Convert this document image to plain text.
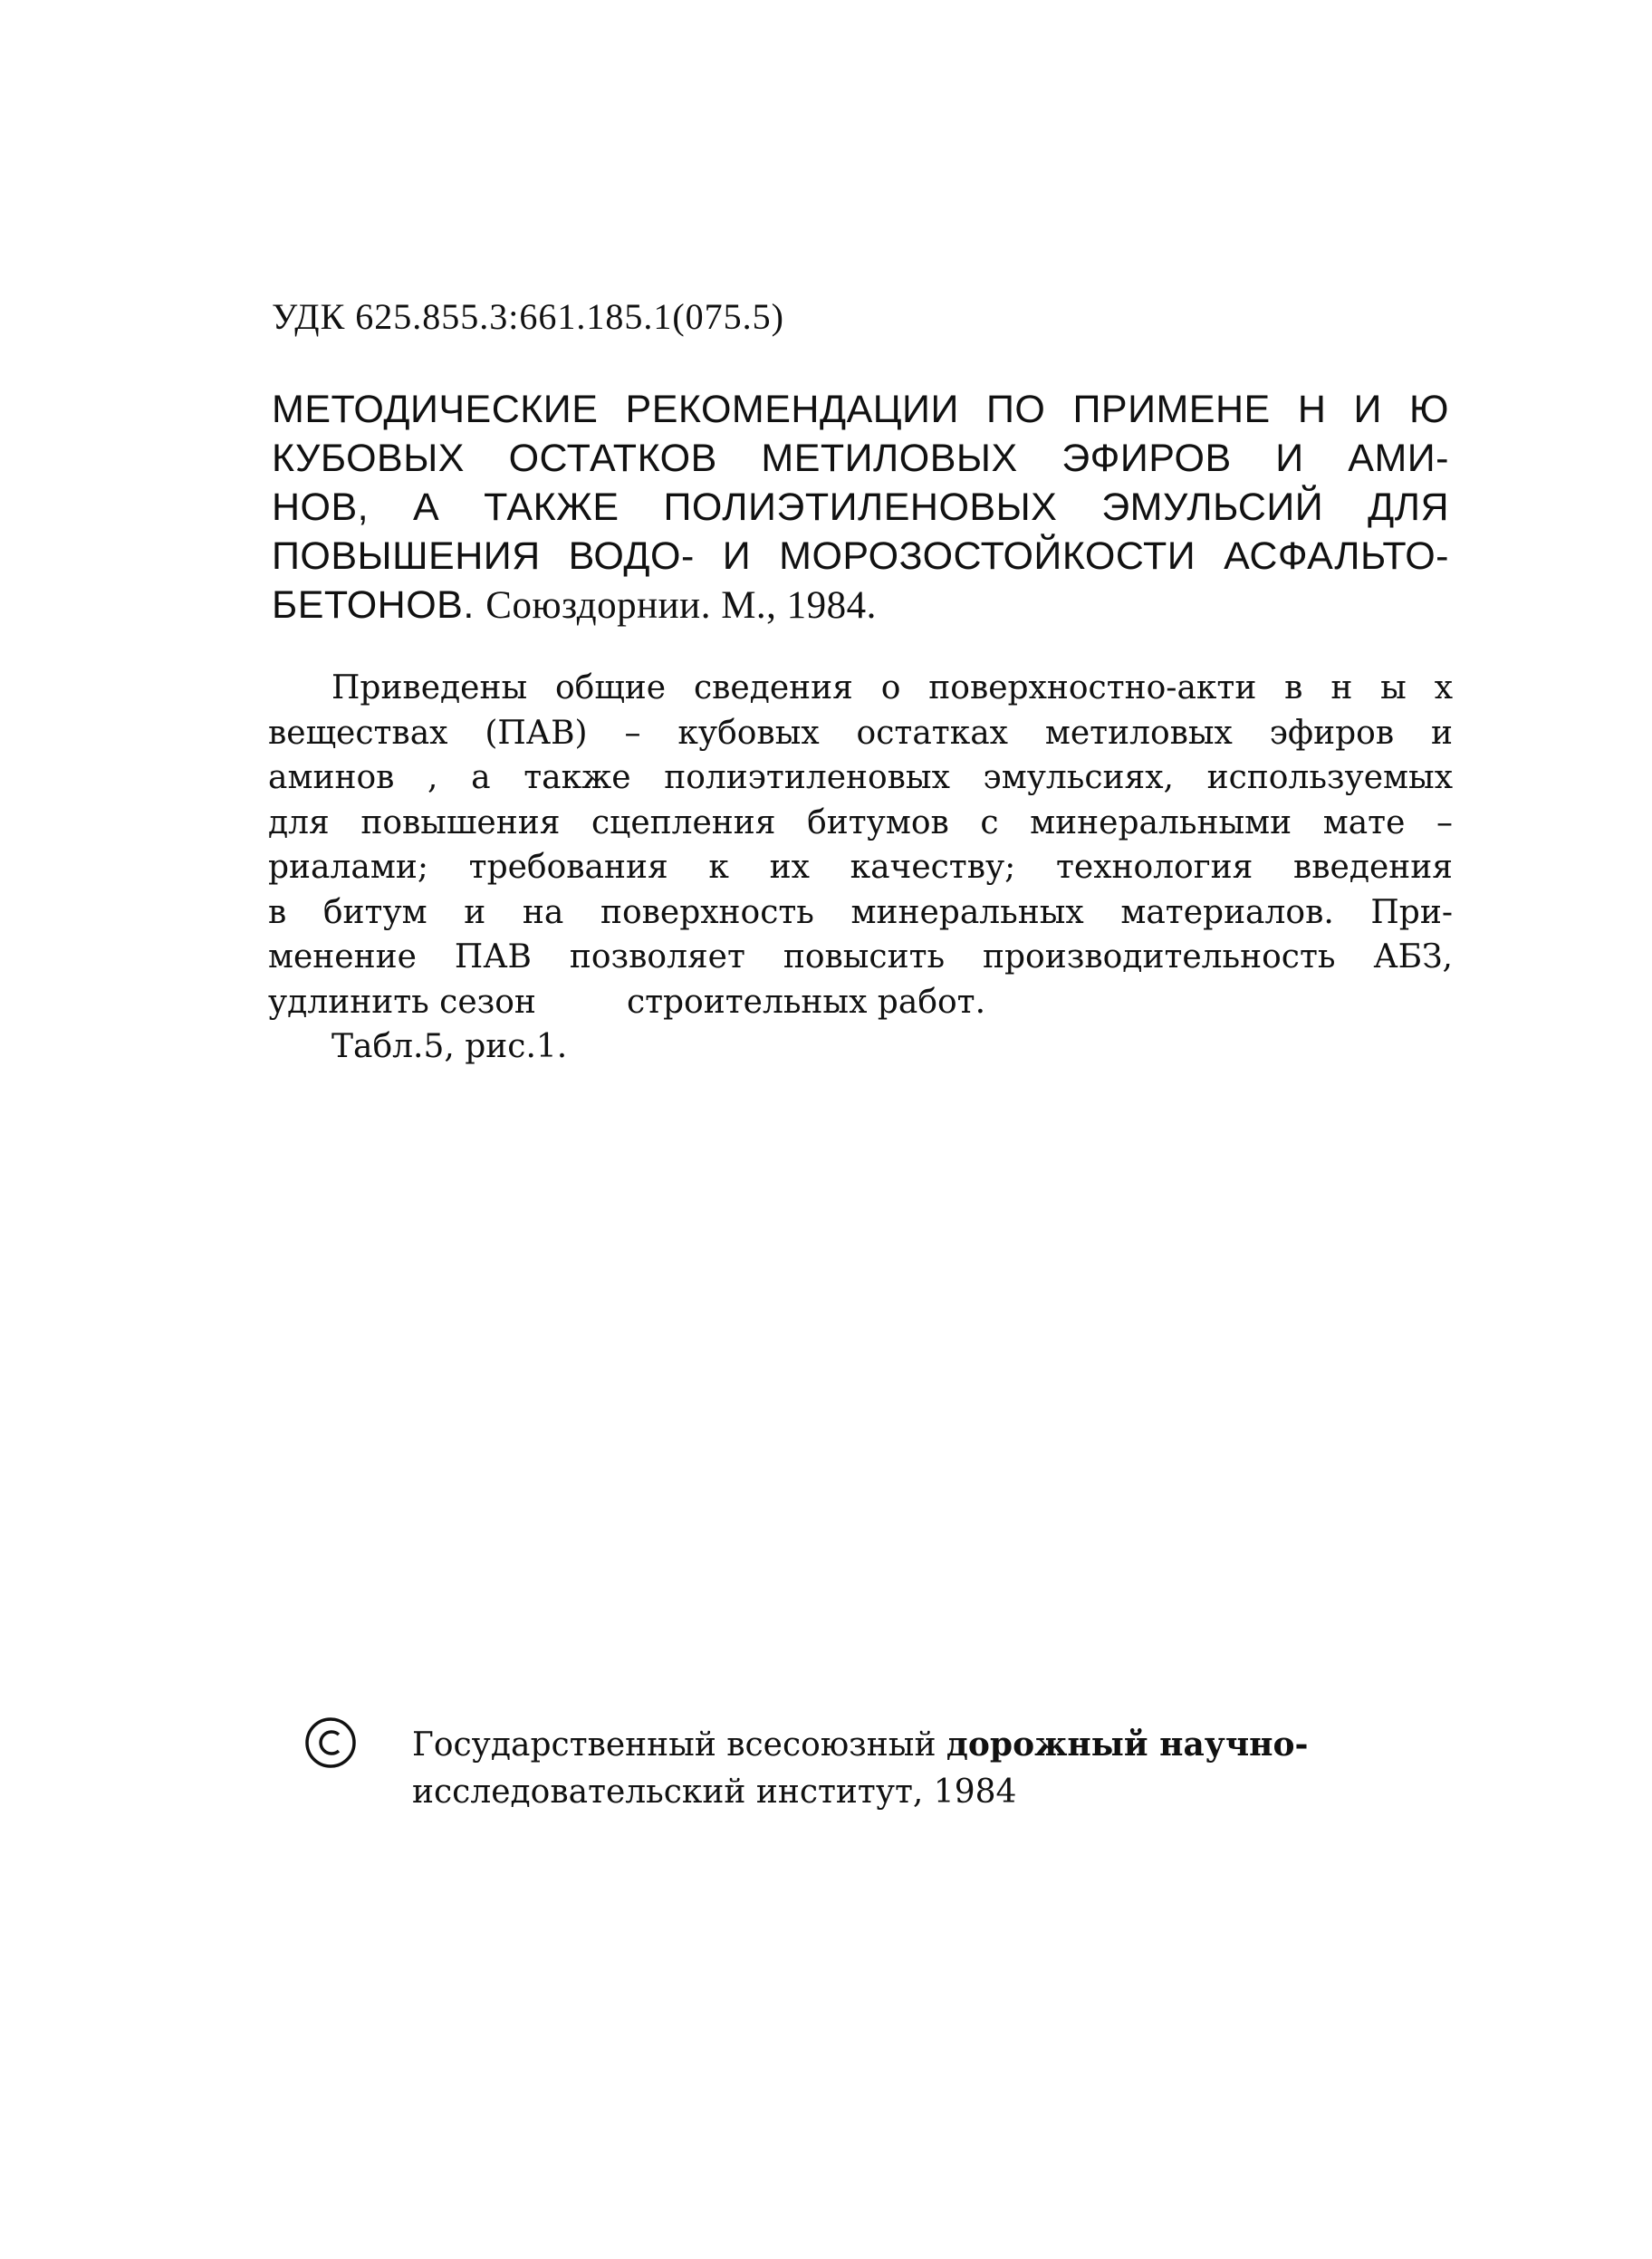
УДК 625.855.3:661.185.1(075.5)
МЕТОДИЧЕСКИЕ РЕКОМЕНДАЦИИ ПО ПРИМЕНЕ Н И Ю
КУБОВЫХ ОСТАТКОВ МЕТИЛОВЫХ ЭФИРОВ И АМИ-
НОВ, А ТАКЖЕ ПОЛИЭТИЛЕНОВЫХ ЭМУЛЬСИЙ ДЛЯ
ПОВЫШЕНИЯ ВОДО- И МОРОЗОСТОЙКОСТИ АСФАЛЬТО-
БЕТОНОВ. Союздорнии. М., 1984.
Приведены общие сведения о поверхностно-акти в н ы х
веществах (ПАВ) – кубовых остатках метиловых эфиров и
аминов , а также полиэтиленовых эмульсиях, используемых
для повышения сцепления битумов с минеральными мате –
риалами; требования к их качеству; технология введения
в битум и на поверхность минеральных материалов. При-
менение ПАВ позволяет повысить производительность АБЗ,
удлинить сезон	строительных работ.
Табл.5, рис.1.
Государственный всесоюзный дорожный научно-
исследовательский институт, 1984
